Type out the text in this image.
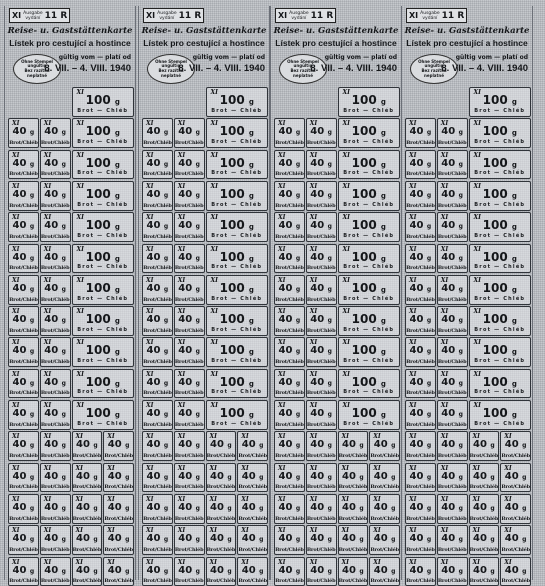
XI Ausgabe
vydání 11 R
Reise- u. Gaststättenkarte
Lístek pro cestující a hostince
Ohne Stempel
ungültig
Bez razítka
neplatné
gültig vom — platí od
8. VII. – 4. VIII. 1940
XI
100 g
Brot — Chléb
XI
40 g
Brot/Chléb
XI
40 g
Brot/Chléb
XI
100 g
Brot — Chléb
XI
40 g
Brot/Chléb
XI
40 g
Brot/Chléb
XI
100 g
Brot — Chléb
XI
40 g
Brot/Chléb
XI
40 g
Brot/Chléb
XI
100 g
Brot — Chléb
XI
40 g
Brot/Chléb
XI
40 g
Brot/Chléb
XI
100 g
Brot — Chléb
XI
40 g
Brot/Chléb
XI
40 g
Brot/Chléb
XI
100 g
Brot — Chléb
XI
40 g
Brot/Chléb
XI
40 g
Brot/Chléb
XI
100 g
Brot — Chléb
XI
40 g
Brot/Chléb
XI
40 g
Brot/Chléb
XI
100 g
Brot — Chléb
XI
40 g
Brot/Chléb
XI
40 g
Brot/Chléb
XI
100 g
Brot — Chléb
XI
40 g
Brot/Chléb
XI
40 g
Brot/Chléb
XI
100 g
Brot — Chléb
XI
40 g
Brot/Chléb
XI
40 g
Brot/Chléb
XI
100 g
Brot — Chléb
XI
40 g
Brot/Chléb
XI
40 g
Brot/Chléb
XI
40 g
Brot/Chléb
XI
40 g
Brot/Chléb
XI
40 g
Brot/Chléb
XI
40 g
Brot/Chléb
XI
40 g
Brot/Chléb
XI
40 g
Brot/Chléb
XI
40 g
Brot/Chléb
XI
40 g
Brot/Chléb
XI
40 g
Brot/Chléb
XI
40 g
Brot/Chléb
XI
40 g
Brot/Chléb
XI
40 g
Brot/Chléb
XI
40 g
Brot/Chléb
XI
40 g
Brot/Chléb
XI
40 g
Brot/Chléb
XI
40 g
Brot/Chléb
XI
40 g
Brot/Chléb
XI
40 g
Brot/Chléb
XI Ausgabe
vydání 11 R
Reise- u. Gaststättenkarte
Lístek pro cestující a hostince
Ohne Stempel
ungültig
Bez razítka
neplatné
gültig vom — platí od
8. VII. – 4. VIII. 1940
XI
100 g
Brot — Chléb
XI
40 g
Brot/Chléb
XI
40 g
Brot/Chléb
XI
100 g
Brot — Chléb
XI
40 g
Brot/Chléb
XI
40 g
Brot/Chléb
XI
100 g
Brot — Chléb
XI
40 g
Brot/Chléb
XI
40 g
Brot/Chléb
XI
100 g
Brot — Chléb
XI
40 g
Brot/Chléb
XI
40 g
Brot/Chléb
XI
100 g
Brot — Chléb
XI
40 g
Brot/Chléb
XI
40 g
Brot/Chléb
XI
100 g
Brot — Chléb
XI
40 g
Brot/Chléb
XI
40 g
Brot/Chléb
XI
100 g
Brot — Chléb
XI
40 g
Brot/Chléb
XI
40 g
Brot/Chléb
XI
100 g
Brot — Chléb
XI
40 g
Brot/Chléb
XI
40 g
Brot/Chléb
XI
100 g
Brot — Chléb
XI
40 g
Brot/Chléb
XI
40 g
Brot/Chléb
XI
100 g
Brot — Chléb
XI
40 g
Brot/Chléb
XI
40 g
Brot/Chléb
XI
100 g
Brot — Chléb
XI
40 g
Brot/Chléb
XI
40 g
Brot/Chléb
XI
40 g
Brot/Chléb
XI
40 g
Brot/Chléb
XI
40 g
Brot/Chléb
XI
40 g
Brot/Chléb
XI
40 g
Brot/Chléb
XI
40 g
Brot/Chléb
XI
40 g
Brot/Chléb
XI
40 g
Brot/Chléb
XI
40 g
Brot/Chléb
XI
40 g
Brot/Chléb
XI
40 g
Brot/Chléb
XI
40 g
Brot/Chléb
XI
40 g
Brot/Chléb
XI
40 g
Brot/Chléb
XI
40 g
Brot/Chléb
XI
40 g
Brot/Chléb
XI
40 g
Brot/Chléb
XI
40 g
Brot/Chléb
XI Ausgabe
vydání 11 R
Reise- u. Gaststättenkarte
Lístek pro cestující a hostince
Ohne Stempel
ungültig
Bez razítka
neplatné
gültig vom — platí od
8. VII. – 4. VIII. 1940
XI
100 g
Brot — Chléb
XI
40 g
Brot/Chléb
XI
40 g
Brot/Chléb
XI
100 g
Brot — Chléb
XI
40 g
Brot/Chléb
XI
40 g
Brot/Chléb
XI
100 g
Brot — Chléb
XI
40 g
Brot/Chléb
XI
40 g
Brot/Chléb
XI
100 g
Brot — Chléb
XI
40 g
Brot/Chléb
XI
40 g
Brot/Chléb
XI
100 g
Brot — Chléb
XI
40 g
Brot/Chléb
XI
40 g
Brot/Chléb
XI
100 g
Brot — Chléb
XI
40 g
Brot/Chléb
XI
40 g
Brot/Chléb
XI
100 g
Brot — Chléb
XI
40 g
Brot/Chléb
XI
40 g
Brot/Chléb
XI
100 g
Brot — Chléb
XI
40 g
Brot/Chléb
XI
40 g
Brot/Chléb
XI
100 g
Brot — Chléb
XI
40 g
Brot/Chléb
XI
40 g
Brot/Chléb
XI
100 g
Brot — Chléb
XI
40 g
Brot/Chléb
XI
40 g
Brot/Chléb
XI
100 g
Brot — Chléb
XI
40 g
Brot/Chléb
XI
40 g
Brot/Chléb
XI
40 g
Brot/Chléb
XI
40 g
Brot/Chléb
XI
40 g
Brot/Chléb
XI
40 g
Brot/Chléb
XI
40 g
Brot/Chléb
XI
40 g
Brot/Chléb
XI
40 g
Brot/Chléb
XI
40 g
Brot/Chléb
XI
40 g
Brot/Chléb
XI
40 g
Brot/Chléb
XI
40 g
Brot/Chléb
XI
40 g
Brot/Chléb
XI
40 g
Brot/Chléb
XI
40 g
Brot/Chléb
XI
40 g
Brot/Chléb
XI
40 g
Brot/Chléb
XI
40 g
Brot/Chléb
XI
40 g
Brot/Chléb
XI Ausgabe
vydání 11 R
Reise- u. Gaststättenkarte
Lístek pro cestující a hostince
Ohne Stempel
ungültig
Bez razítka
neplatné
gültig vom — platí od
8. VII. – 4. VIII. 1940
XI
100 g
Brot — Chléb
XI
40 g
Brot/Chléb
XI
40 g
Brot/Chléb
XI
100 g
Brot — Chléb
XI
40 g
Brot/Chléb
XI
40 g
Brot/Chléb
XI
100 g
Brot — Chléb
XI
40 g
Brot/Chléb
XI
40 g
Brot/Chléb
XI
100 g
Brot — Chléb
XI
40 g
Brot/Chléb
XI
40 g
Brot/Chléb
XI
100 g
Brot — Chléb
XI
40 g
Brot/Chléb
XI
40 g
Brot/Chléb
XI
100 g
Brot — Chléb
XI
40 g
Brot/Chléb
XI
40 g
Brot/Chléb
XI
100 g
Brot — Chléb
XI
40 g
Brot/Chléb
XI
40 g
Brot/Chléb
XI
100 g
Brot — Chléb
XI
40 g
Brot/Chléb
XI
40 g
Brot/Chléb
XI
100 g
Brot — Chléb
XI
40 g
Brot/Chléb
XI
40 g
Brot/Chléb
XI
100 g
Brot — Chléb
XI
40 g
Brot/Chléb
XI
40 g
Brot/Chléb
XI
100 g
Brot — Chléb
XI
40 g
Brot/Chléb
XI
40 g
Brot/Chléb
XI
40 g
Brot/Chléb
XI
40 g
Brot/Chléb
XI
40 g
Brot/Chléb
XI
40 g
Brot/Chléb
XI
40 g
Brot/Chléb
XI
40 g
Brot/Chléb
XI
40 g
Brot/Chléb
XI
40 g
Brot/Chléb
XI
40 g
Brot/Chléb
XI
40 g
Brot/Chléb
XI
40 g
Brot/Chléb
XI
40 g
Brot/Chléb
XI
40 g
Brot/Chléb
XI
40 g
Brot/Chléb
XI
40 g
Brot/Chléb
XI
40 g
Brot/Chléb
XI
40 g
Brot/Chléb
XI
40 g
Brot/Chléb
